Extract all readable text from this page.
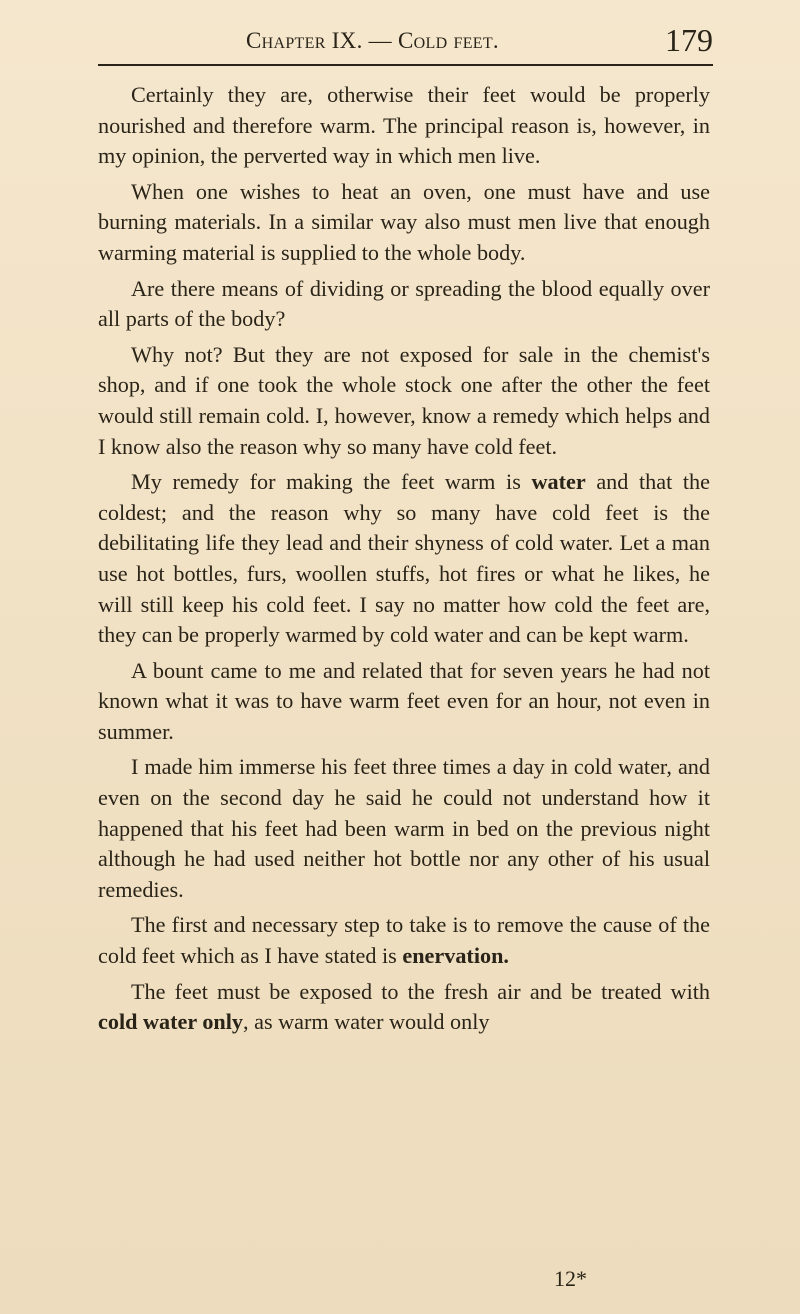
Chapter IX. — Cold feet.	179

Certainly they are, otherwise their feet would be properly nourished and therefore warm. The principal reason is, however, in my opinion, the perverted way in which men live.

When one wishes to heat an oven, one must have and use burning materials. In a similar way also must men live that enough warming material is supplied to the whole body.

Are there means of dividing or spreading the blood equally over all parts of the body?

Why not? But they are not exposed for sale in the chemist's shop, and if one took the whole stock one after the other the feet would still remain cold. I, however, know a remedy which helps and I know also the reason why so many have cold feet.

My remedy for making the feet warm is water and that the coldest; and the reason why so many have cold feet is the debilitating life they lead and their shyness of cold water. Let a man use hot bottles, furs, woollen stuffs, hot fires or what he likes, he will still keep his cold feet. I say no matter how cold the feet are, they can be properly warmed by cold water and can be kept warm.

A bount came to me and related that for seven years he had not known what it was to have warm feet even for an hour, not even in summer.

I made him immerse his feet three times a day in cold water, and even on the second day he said he could not understand how it happened that his feet had been warm in bed on the previous night although he had used neither hot bottle nor any other of his usual remedies.

The first and necessary step to take is to remove the cause of the cold feet which as I have stated is enervation.

The feet must be exposed to the fresh air and be treated with cold water only, as warm water would only

12*
